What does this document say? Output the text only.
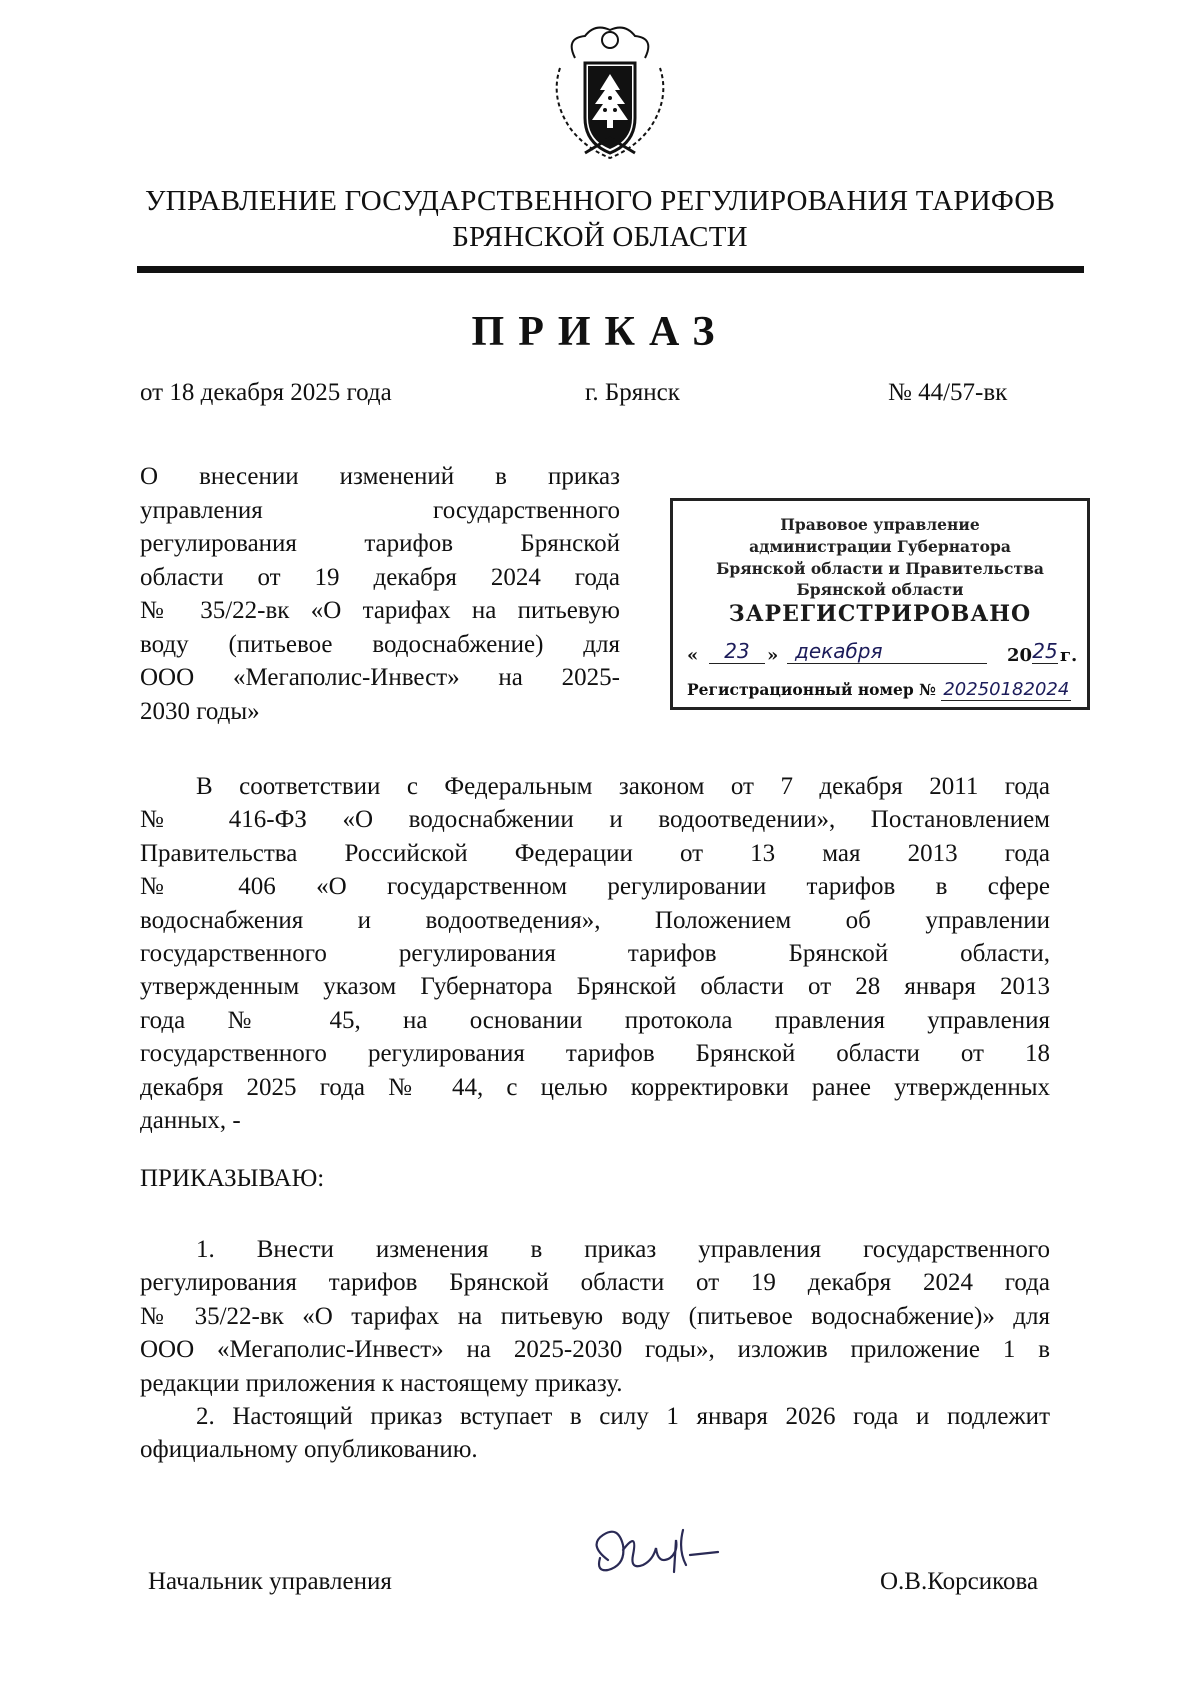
УПРАВЛЕНИЕ ГОСУДАРСТВЕННОГО РЕГУЛИРОВАНИЯ ТАРИФОВ
БРЯНСКОЙ ОБЛАСТИ
ПРИКАЗ
от 18 декабря 2025 года	г. Брянск	№ 44/57-вк
О внесении изменений в приказ
управления государственного
регулирования тарифов Брянской
области от 19 декабря 2024 года
№ 35/22-вк «О тарифах на питьевую
воду (питьевое водоснабжение) для
ООО «Мегаполис-Инвест» на 2025-
2030 годы»
Правовое управление
администрации Губернатора
Брянской области и Правительства
Брянской области
ЗАРЕГИСТРИРОВАНО
«	23 » декабря	20 25 г.
Регистрационный номер № 20250182024
В соответствии с Федеральным законом от 7 декабря 2011 года
№ 416-ФЗ «О водоснабжении и водоотведении», Постановлением
Правительства Российской Федерации от 13 мая 2013 года
№ 406 «О государственном регулировании тарифов в сфере
водоснабжения и водоотведения», Положением об управлении
государственного регулирования тарифов Брянской области,
утвержденным указом Губернатора Брянской области от 28 января 2013
года № 45, на основании протокола правления управления
государственного регулирования тарифов Брянской области от 18
декабря 2025 года № 44, с целью корректировки ранее утвержденных
данных, -
ПРИКАЗЫВАЮ:
1. Внести изменения в приказ управления государственного
регулирования тарифов Брянской области от 19 декабря 2024 года
№ 35/22-вк «О тарифах на питьевую воду (питьевое водоснабжение)» для
ООО «Мегаполис-Инвест» на 2025-2030 годы», изложив приложение 1 в
редакции приложения к настоящему приказу.
2. Настоящий приказ вступает в силу 1 января 2026 года и подлежит
официальному опубликованию.
Начальник управления	О.В.Корсикова
